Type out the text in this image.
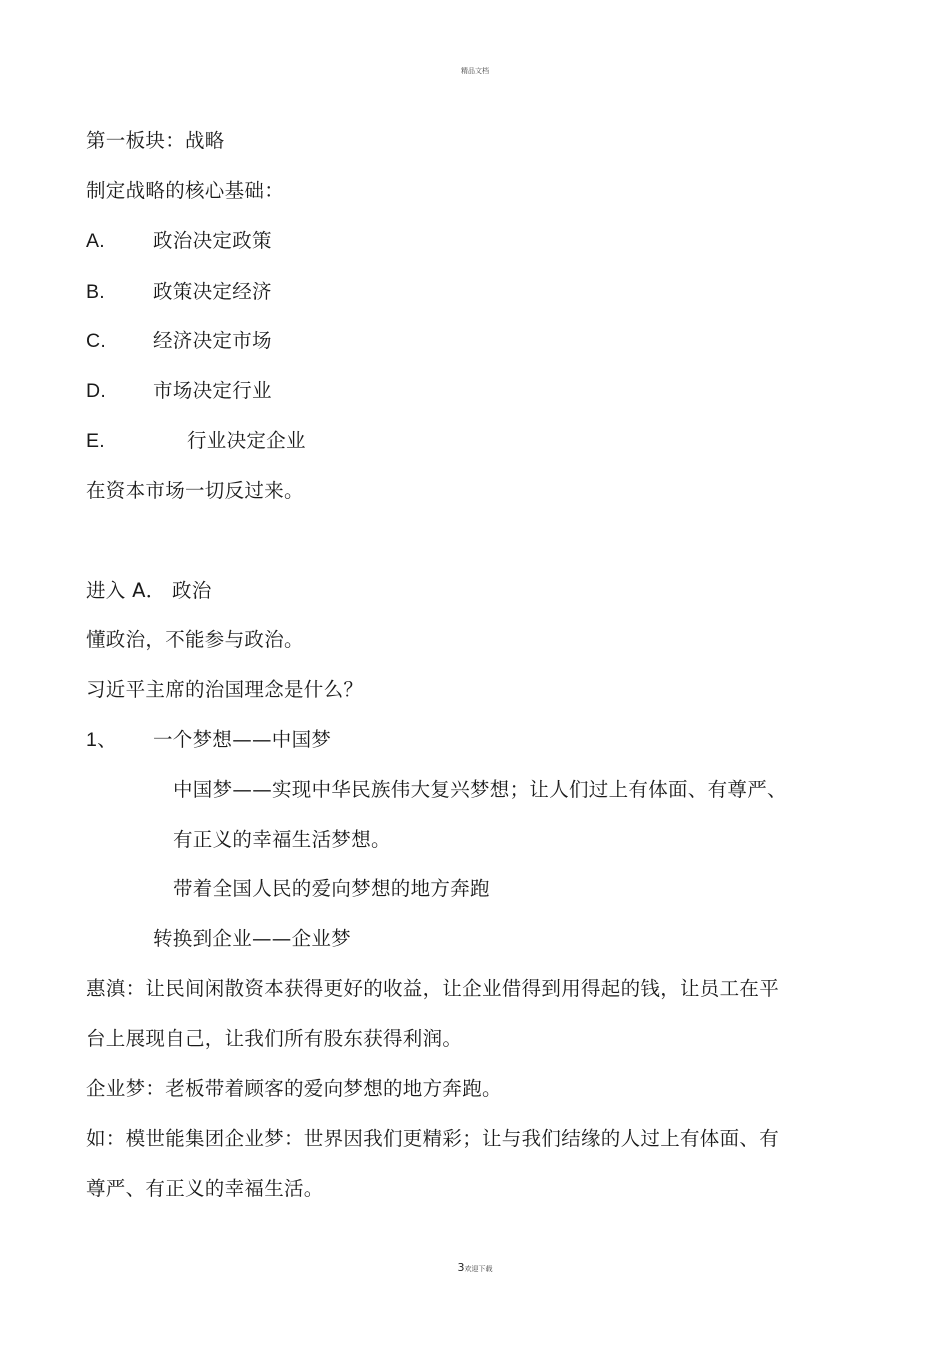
精品文档
第一板块：战略
制定战略的核心基础：
A. 政治决定政策
B. 政策决定经济
C. 经济决定市场
D. 市场决定行业
E.	行业决定企业
在资本市场一切反过来。
进入 A． 政治
懂政治，不能参与政治。
习近平主席的治国理念是什么？
1、 一个梦想——中国梦
中国梦——实现中华民族伟大复兴梦想；让人们过上有体面、有尊严、
有正义的幸福生活梦想。
带着全国人民的爱向梦想的地方奔跑
转换到企业——企业梦
惠滇：让民间闲散资本获得更好的收益，让企业借得到用得起的钱，让员工在平
台上展现自己，让我们所有股东获得利润。
企业梦：老板带着顾客的爱向梦想的地方奔跑。
如：模世能集团企业梦：世界因我们更精彩；让与我们结缘的人过上有体面、有
尊严、有正义的幸福生活。
3欢迎下载
